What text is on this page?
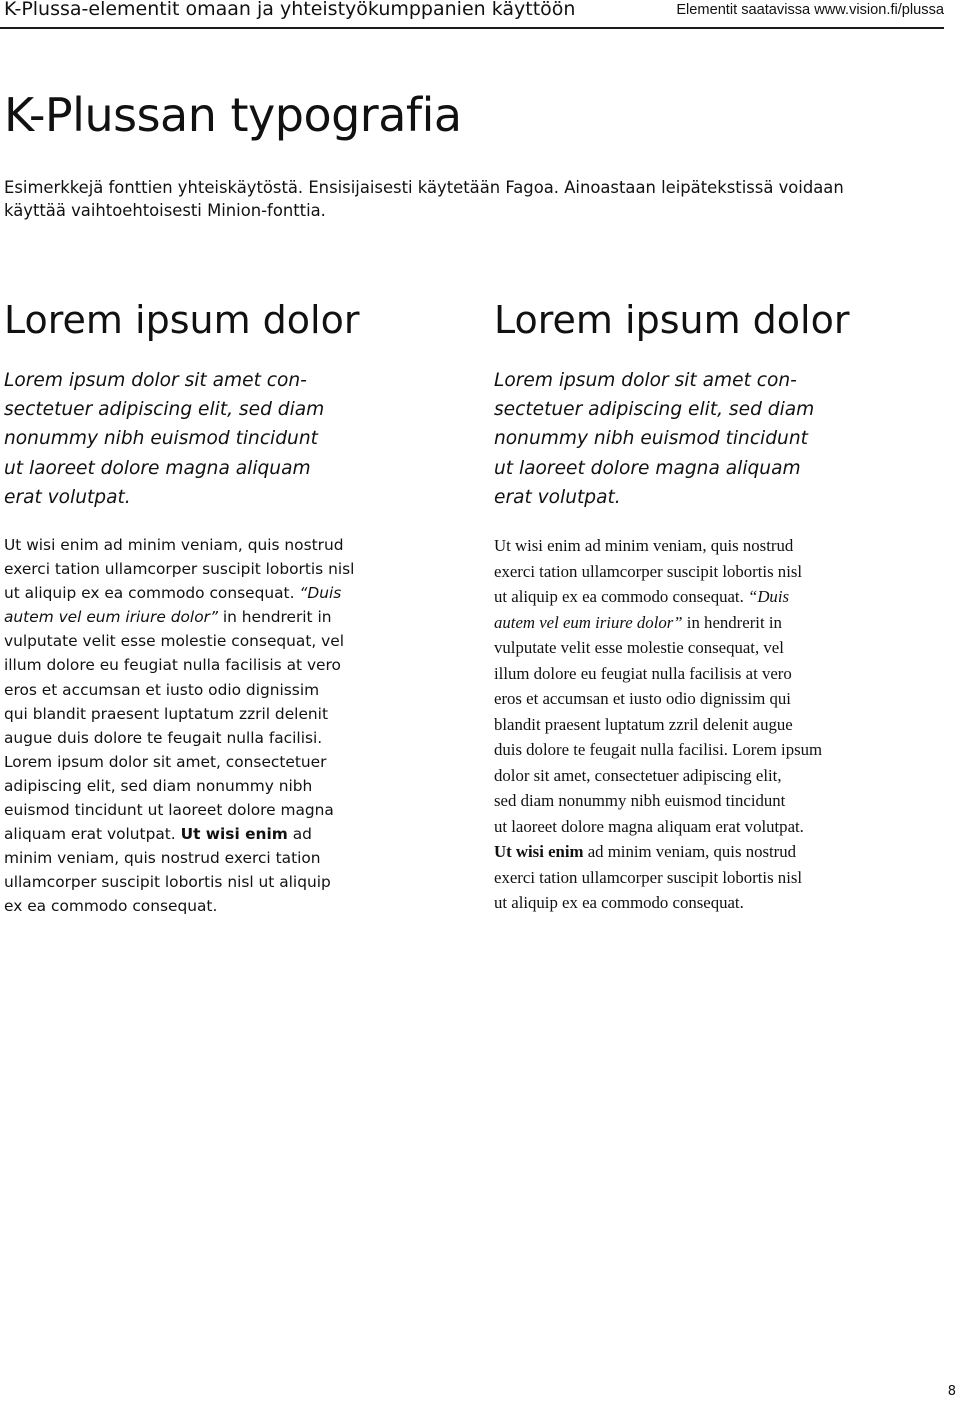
K-Plussa-elementit omaan ja yhteistyökumppanien käyttöön	Elementit saatavissa www.vision.fi/plussa
K-Plussan typografia

Esimerkkejä fonttien yhteiskäytöstä. Ensisijaisesti käytetään Fagoa. Ainoastaan leipätekstissä voidaan käyttää vaihtoehtoisesti Minion-fonttia.

Lorem ipsum dolor

Lorem ipsum dolor sit amet con-
sectetuer adipiscing elit, sed diam
nonummy nibh euismod tincidunt
ut laoreet dolore magna aliquam
erat volutpat.

Ut wisi enim ad minim veniam, quis nostrud
exerci tation ullamcorper suscipit lobortis nisl
ut aliquip ex ea commodo consequat. “Duis
autem vel eum iriure dolor” in hendrerit in
vulputate velit esse molestie consequat, vel
illum dolore eu feugiat nulla facilisis at vero
eros et accumsan et iusto odio dignissim
qui blandit praesent luptatum zzril delenit
augue duis dolore te feugait nulla facilisi.
Lorem ipsum dolor sit amet, consectetuer
adipiscing elit, sed diam nonummy nibh
euismod tincidunt ut laoreet dolore magna
aliquam erat volutpat. Ut wisi enim ad
minim veniam, quis nostrud exerci tation
ullamcorper suscipit lobortis nisl ut aliquip
ex ea commodo consequat.

Lorem ipsum dolor

Lorem ipsum dolor sit amet con-
sectetuer adipiscing elit, sed diam
nonummy nibh euismod tincidunt
ut laoreet dolore magna aliquam
erat volutpat.

Ut wisi enim ad minim veniam, quis nostrud
exerci tation ullamcorper suscipit lobortis nisl
ut aliquip ex ea commodo consequat. “Duis
autem vel eum iriure dolor” in hendrerit in
vulputate velit esse molestie consequat, vel
illum dolore eu feugiat nulla facilisis at vero
eros et accumsan et iusto odio dignissim qui
blandit praesent luptatum zzril delenit augue
duis dolore te feugait nulla facilisi. Lorem ipsum
dolor sit amet, consectetuer adipiscing elit,
sed diam nonummy nibh euismod tincidunt
ut laoreet dolore magna aliquam erat volutpat.
Ut wisi enim ad minim veniam, quis nostrud
exerci tation ullamcorper suscipit lobortis nisl
ut aliquip ex ea commodo consequat.

8
